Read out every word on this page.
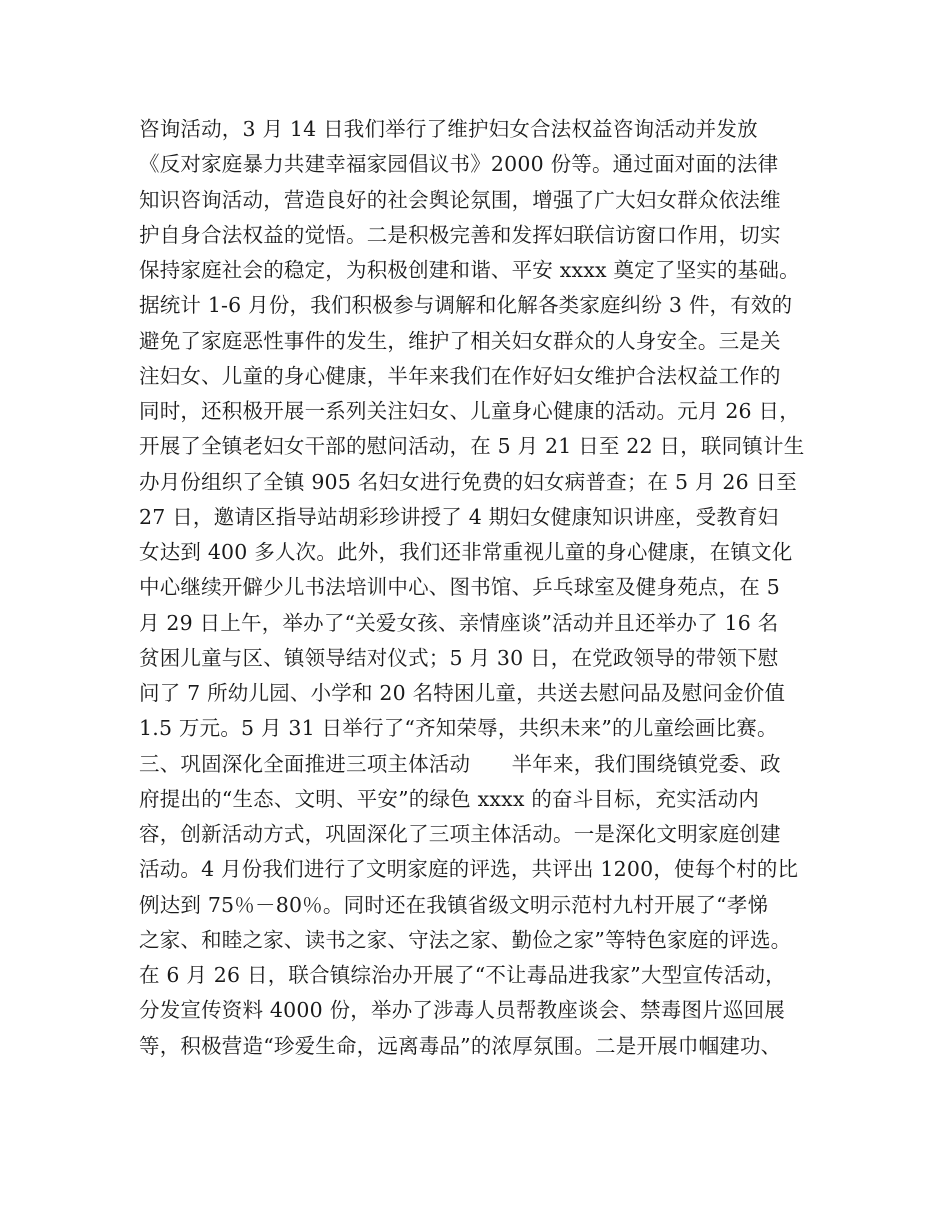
咨询活动，3 月 14 日我们举行了维护妇女合法权益咨询活动并发放
《反对家庭暴力共建幸福家园倡议书》2000 份等。通过面对面的法律
知识咨询活动，营造良好的社会舆论氛围，增强了广大妇女群众依法维
护自身合法权益的觉悟。二是积极完善和发挥妇联信访窗口作用，切实
保持家庭社会的稳定，为积极创建和谐、平安 xxxx 奠定了坚实的基础。
据统计 1-6 月份，我们积极参与调解和化解各类家庭纠纷 3 件，有效的
避免了家庭恶性事件的发生，维护了相关妇女群众的人身安全。三是关
注妇女、儿童的身心健康，半年来我们在作好妇女维护合法权益工作的
同时，还积极开展一系列关注妇女、儿童身心健康的活动。元月 26 日，
开展了全镇老妇女干部的慰问活动，在 5 月 21 日至 22 日，联同镇计生
办月份组织了全镇 905 名妇女进行免费的妇女病普查；在 5 月 26 日至
27 日，邀请区指导站胡彩珍讲授了 4 期妇女健康知识讲座，受教育妇
女达到 400 多人次。此外，我们还非常重视儿童的身心健康，在镇文化
中心继续开僻少儿书法培训中心、图书馆、乒乓球室及健身苑点，在 5
月 29 日上午，举办了“关爱女孩、亲情座谈”活动并且还举办了 16 名
贫困儿童与区、镇领导结对仪式；5 月 30 日，在党政领导的带领下慰
问了 7 所幼儿园、小学和 20 名特困儿童，共送去慰问品及慰问金价值
1.5 万元。5 月 31 日举行了“齐知荣辱，共织未来”的儿童绘画比赛。
三、巩固深化全面推进三项主体活动　　半年来，我们围绕镇党委、政
府提出的“生态、文明、平安”的绿色 xxxx 的奋斗目标，充实活动内
容，创新活动方式，巩固深化了三项主体活动。一是深化文明家庭创建
活动。4 月份我们进行了文明家庭的评选，共评出 1200，使每个村的比
例达到 75％－80％。同时还在我镇省级文明示范村九村开展了“孝悌
之家、和睦之家、读书之家、守法之家、勤俭之家”等特色家庭的评选。
在 6 月 26 日，联合镇综治办开展了“不让毒品进我家”大型宣传活动，
分发宣传资料 4000 份，举办了涉毒人员帮教座谈会、禁毒图片巡回展
等，积极营造“珍爱生命，远离毒品”的浓厚氛围。二是开展巾帼建功、
